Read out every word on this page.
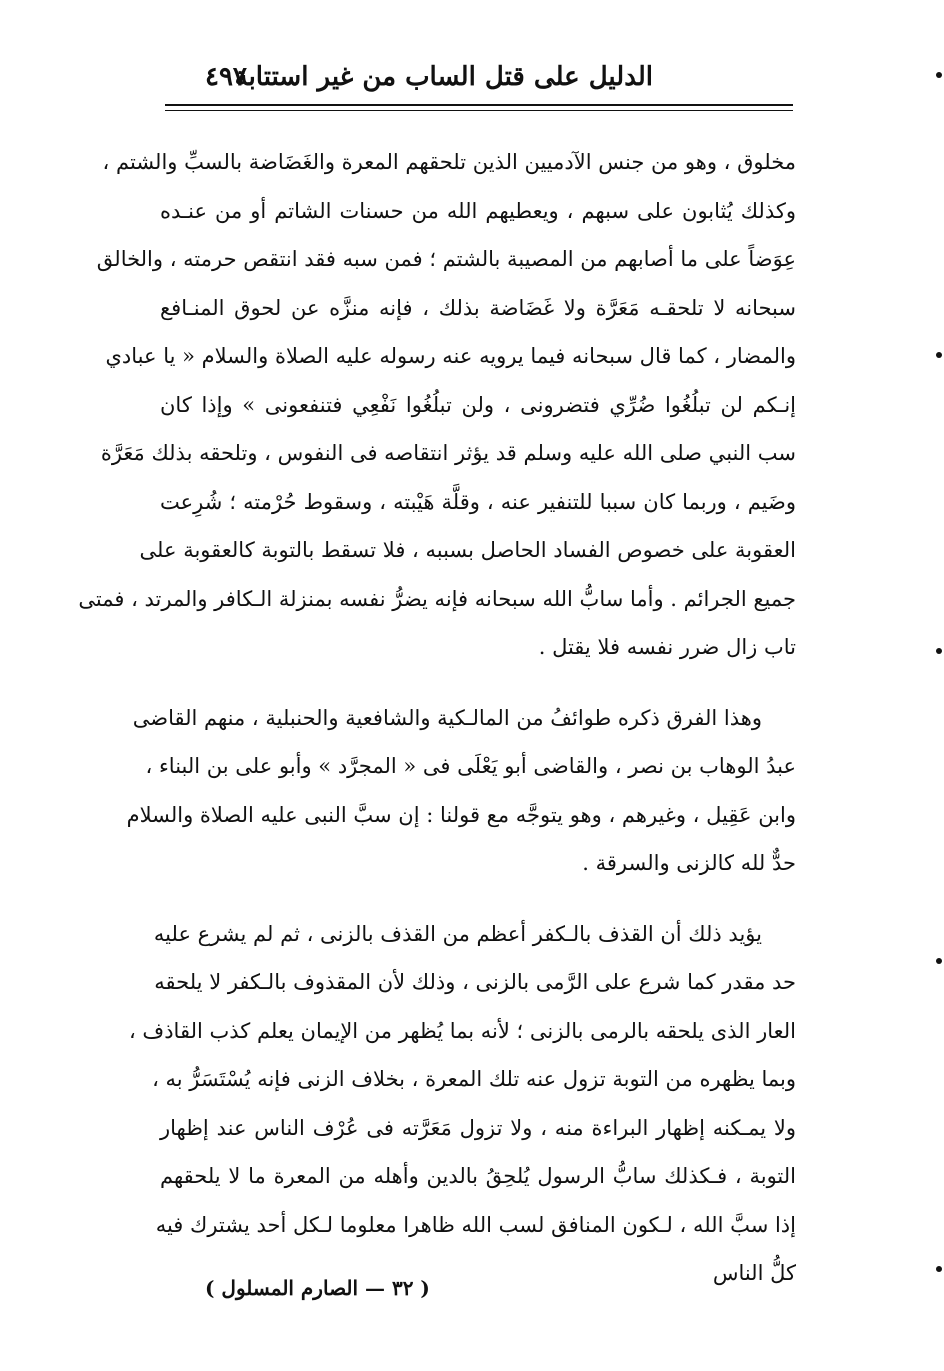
الدليل على قتل الساب من غير استتابة
٤٩٧
مخلوق ، وهو من جنس الآدميين الذين تلحقهم المعرة والغَضَاضة بالسبِّ والشتم ،
وكذلك يُثابون على سبهم ، ويعطيهم الله من حسنات الشاتم أو من عنـده
عِوَضاً على ما أصابهم من المصيبة بالشتم ؛ فمن سبه فقد انتقص حرمته ، والخالق
سبحانه لا تلحقـه مَعَرَّة ولا غَضَاضة بذلك ، فإنه منزَّه عن لحوق المنـافع
والمضار ، كما قال سبحانه فيما يرويه عنه رسوله عليه الصلاة والسلام « يا عبادي
إنـكم لن تبلُغُوا ضُرِّي فتضرونى ، ولن تبلُغُوا نَفْعِي فتنفعونى » وإذا كان
سب النبي صلى الله عليه وسلم قد يؤثر انتقاصه فى النفوس ، وتلحقه بذلك مَعَرَّة
وضَيم ، وربما كان سببا للتنفير عنه ، وقلَّة هَيْبته ، وسقوط حُرْمته ؛ شُرِعت
العقوبة على خصوص الفساد الحاصل بسببه ، فلا تسقط بالتوبة كالعقوبة على
جميع الجرائم . وأما سابُّ الله سبحانه فإنه يضرُّ نفسه بمنزلة الـكافر والمرتد ، فمتى
تاب زال ضرر نفسه فلا يقتل .
وهذا الفرق ذكره طوائفُ من المالـكية والشافعية والحنبلية ، منهم القاضى
عبدُ الوهاب بن نصر ، والقاضى أبو يَعْلَى فى « المجرَّد » وأبو على بن البناء ،
وابن عَقِيل ، وغيرهم ، وهو يتوجَّه مع قولنا : إن سبَّ النبى عليه الصلاة والسلام
حدٌّ لله كالزنى والسرقة .
يؤيد ذلك أن القذف بالـكفر أعظم من القذف بالزنى ، ثم لم يشرع عليه
حد مقدر كما شرع على الرَّمى بالزنى ، وذلك لأن المقذوف بالـكفر لا يلحقه
العار الذى يلحقه بالرمى بالزنى ؛ لأنه بما يُظهر من الإيمان يعلم كذب القاذف ،
وبما يظهره من التوبة تزول عنه تلك المعرة ، بخلاف الزنى فإنه يُسْتَسَرُّ به ،
ولا يمـكنه إظهار البراءة منه ، ولا تزول مَعَرَّته فى عُرْف الناس عند إظهار
التوبة ، فـكذلك سابُّ الرسول يُلحِقُ بالدين وأهله من المعرة ما لا يلحقهم
إذا سبَّ الله ، لـكون المنافق لسب الله ظاهرا معلوما لـكل أحد يشترك فيه
كلُّ الناس
( ٣٢ — الصارم المسلول )
